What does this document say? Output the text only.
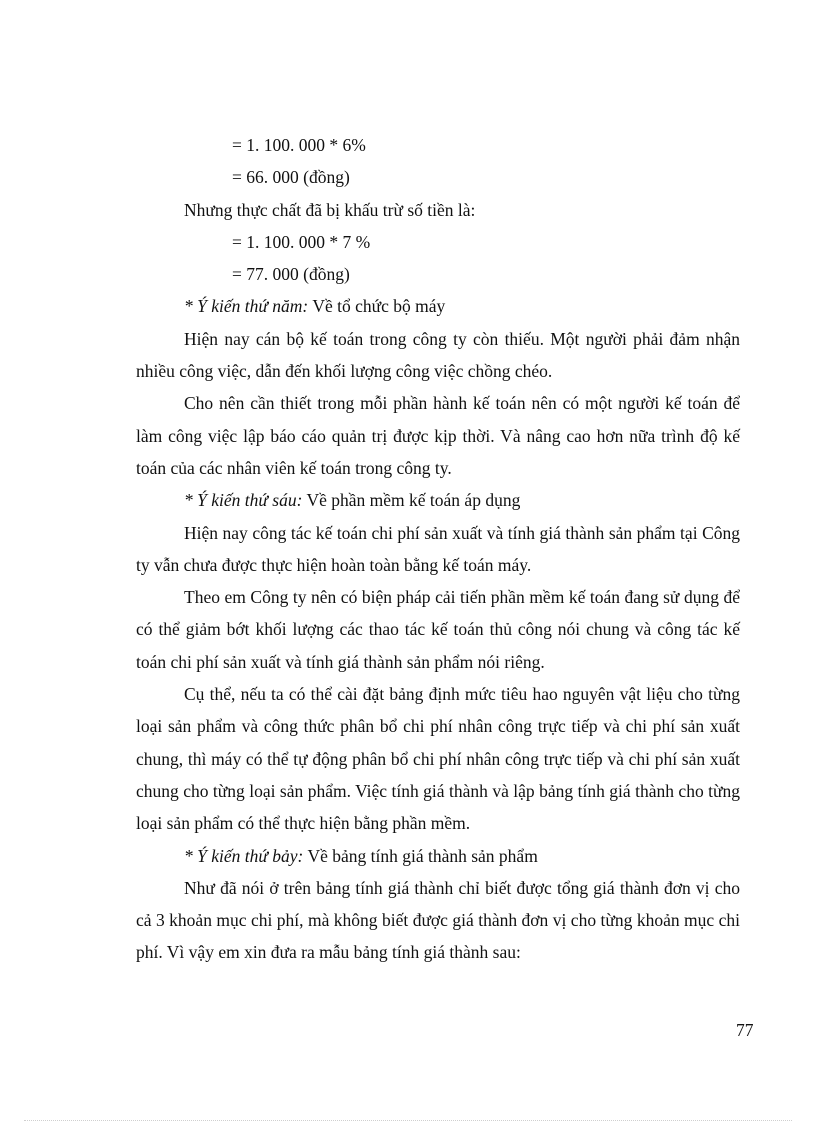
= 1. 100. 000 * 6%
= 66. 000 (đồng)
Nhưng thực chất đã bị khấu trừ số tiền là:
= 1. 100. 000 * 7 %
= 77. 000 (đồng)
* Ý kiến thứ năm: Về tổ chức bộ máy
Hiện nay cán bộ kế toán trong công ty còn thiếu. Một người phải đảm nhận nhiều công việc, dẫn đến khối lượng công việc chồng chéo.
Cho nên cần thiết trong mỗi phần hành kế toán nên có một người kế toán để làm công việc lập báo cáo quản trị được kịp thời. Và nâng cao hơn nữa trình độ kế toán của các nhân viên kế toán trong công ty.
* Ý kiến thứ sáu: Về phần mềm kế toán áp dụng
Hiện nay công tác kế toán chi phí sản xuất và tính giá thành sản phẩm tại Công ty vẫn chưa được thực hiện hoàn toàn bằng kế toán máy.
Theo em Công ty nên có biện pháp cải tiến phần mềm kế toán đang sử dụng để có thể giảm bớt khối lượng các thao tác kế toán thủ công nói chung và công tác kế toán chi phí sản xuất và tính giá thành sản phẩm nói riêng.
Cụ thể, nếu ta có thể cài đặt bảng định mức tiêu hao nguyên vật liệu cho từng loại sản phẩm và công thức phân bổ chi phí nhân công trực tiếp và chi phí sản xuất chung, thì máy có thể tự động phân bổ chi phí nhân công trực tiếp và chi phí sản xuất chung cho từng loại sản phẩm. Việc tính giá thành và lập bảng tính giá thành cho từng loại sản phẩm có thể thực hiện bằng phần mềm.
* Ý kiến thứ bảy: Về bảng tính giá thành sản phẩm
Như đã nói ở trên bảng tính giá thành chỉ biết được tổng giá thành đơn vị cho cả 3 khoản mục chi phí, mà không biết được giá thành đơn vị cho từng khoản mục chi phí. Vì vậy em xin đưa ra mẫu bảng tính giá thành sau:
77
